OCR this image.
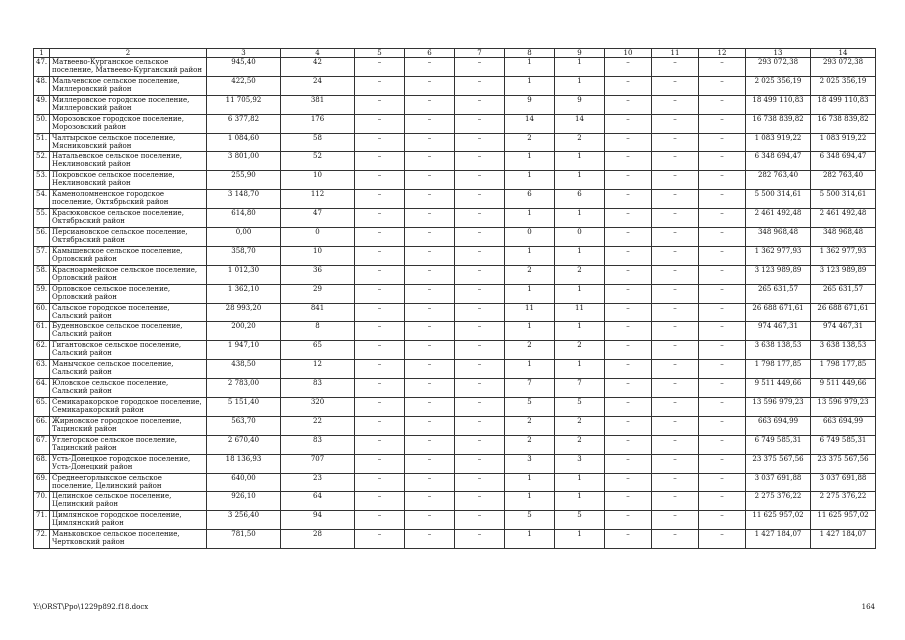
1	2	3	4	5	6	7	8	9	10	11	12	13	14
47.	Матвеево-Курганское сельское поселение, Матвеево-Курганский район	945,40	42	–	–	–	1	1	–	–	–	293 072,38	293 072,38
48.	Мальчевское сельское поселение, Миллеровский район	422,50	24	–	–	–	1	1	–	–	–	2 025 356,19	2 025 356,19
49.	Миллеровское городское поселение, Миллеровский район	11 705,92	381	–	–	–	9	9	–	–	–	18 499 110,83	18 499 110,83
50.	Морозовское городское поселение, Морозовский район	6 377,82	176	–	–	–	14	14	–	–	–	16 738 839,82	16 738 839,82
51.	Чалтырское сельское поселение, Мясниковский район	1 084,60	58	–	–	–	2	2	–	–	–	1 083 919,22	1 083 919,22
52.	Натальевское сельское поселение, Неклиновский район	3 801,00	52	–	–	–	1	1	–	–	–	6 348 694,47	6 348 694,47
53.	Покровское сельское поселение, Неклиновский район	255,90	10	–	–	–	1	1	–	–	–	282 763,40	282 763,40
54.	Каменоломненское городское поселение, Октябрьский район	3 148,70	112	–	–	–	6	6	–	–	–	5 500 314,61	5 500 314,61
55.	Красюковское сельское поселение, Октябрьский район	614,80	47	–	–	–	1	1	–	–	–	2 461 492,48	2 461 492,48
56.	Персиановское сельское поселение, Октябрьский район	0,00	0	–	–	–	0	0	–	–	–	348 968,48	348 968,48
57.	Камышевское сельское поселение, Орловский район	358,70	10	–	–	–	1	1	–	–	–	1 362 977,93	1 362 977,93
58.	Красноармейское сельское поселение, Орловский район	1 012,30	36	–	–	–	2	2	–	–	–	3 123 989,89	3 123 989,89
59.	Орловское сельское поселение, Орловский район	1 362,10	29	–	–	–	1	1	–	–	–	265 631,57	265 631,57
60.	Сальское городское поселение, Сальский район	28 993,20	841	–	–	–	11	11	–	–	–	26 688 671,61	26 688 671,61
61.	Буденновское сельское поселение, Сальский район	200,20	8	–	–	–	1	1	–	–	–	974 467,31	974 467,31
62.	Гигантовское сельское поселение, Сальский район	1 947,10	65	–	–	–	2	2	–	–	–	3 638 138,53	3 638 138,53
63.	Манычское сельское поселение, Сальский район	438,50	12	–	–	–	1	1	–	–	–	1 798 177,85	1 798 177,85
64.	Юловское сельское поселение, Сальский район	2 783,00	83	–	–	–	7	7	–	–	–	9 511 449,66	9 511 449,66
65.	Семикаракорское городское поселение, Семикаракорский район	5 151,40	320	–	–	–	5	5	–	–	–	13 596 979,23	13 596 979,23
66.	Жирновское городское поселение, Тацинский район	563,70	22	–	–	–	2	2	–	–	–	663 694,99	663 694,99
67.	Углегорское сельское поселение, Тацинский район	2 670,40	83	–	–	–	2	2	–	–	–	6 749 585,31	6 749 585,31
68.	Усть-Донецкое городское поселение, Усть-Донецкий район	18 136,93	707	–	–	–	3	3	–	–	–	23 375 567,56	23 375 567,56
69.	Среднеегорлыкское сельское поселение, Целинский район	640,00	23	–	–	–	1	1	–	–	–	3 037 691,88	3 037 691,88
70.	Целинское сельское поселение, Целинский район	926,10	64	–	–	–	1	1	–	–	–	2 275 376,22	2 275 376,22
71.	Цимлянское городское поселение, Цимлянский район	3 256,40	94	–	–	–	5	5	–	–	–	11 625 957,02	11 625 957,02
72.	Маньковское сельское поселение, Чертковский район	781,50	28	–	–	–	1	1	–	–	–	1 427 184,07	1 427 184,07
Y:\ORST\Ppo\1229p892.f18.docx	164
